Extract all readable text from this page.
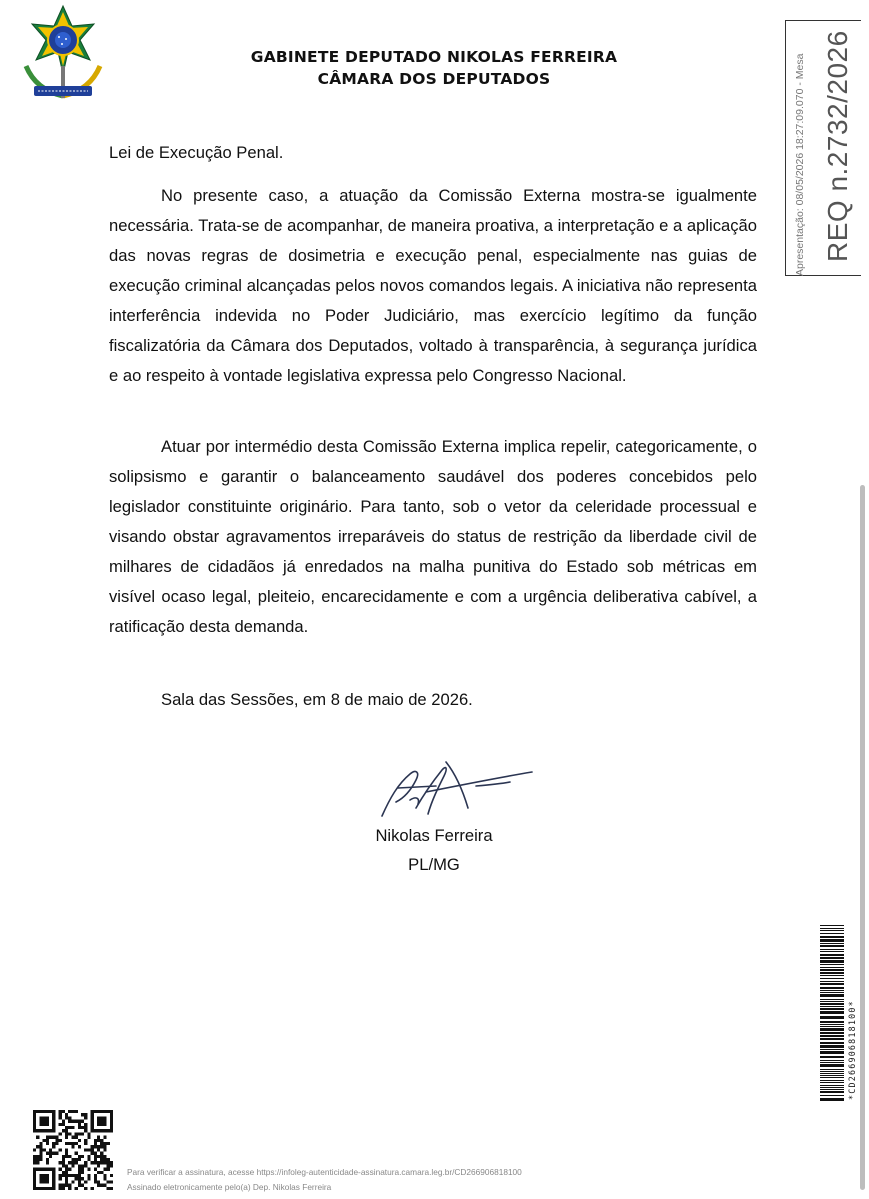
GABINETE DEPUTADO NIKOLAS FERREIRA
CÂMARA DOS DEPUTADOS	Apresentação: 08/05/2026 18:27:09.070 - Mesa REQ n.2732/2026
Lei de Execução Penal.

No presente caso, a atuação da Comissão Externa mostra-se igualmente necessária. Trata-se de acompanhar, de maneira proativa, a interpretação e a aplicação das novas regras de dosimetria e execução penal, especialmente nas guias de execução criminal alcançadas pelos novos comandos legais. A iniciativa não representa interferência indevida no Poder Judiciário, mas exercício legítimo da função fiscalizatória da Câmara dos Deputados, voltado à transparência, à segurança jurídica e ao respeito à vontade legislativa expressa pelo Congresso Nacional.

Atuar por intermédio desta Comissão Externa implica repelir, categoricamente, o solipsismo e garantir o balanceamento saudável dos poderes concebidos pelo legislador constituinte originário. Para tanto, sob o vetor da celeridade processual e visando obstar agravamentos irreparáveis do status de restrição da liberdade civil de milhares de cidadãos já enredados na malha punitiva do Estado sob métricas em visível ocaso legal, pleiteio, encarecidamente e com a urgência deliberativa cabível, a ratificação desta demanda.

Sala das Sessões, em 8 de maio de 2026.
Nikolas Ferreira
PL/MG
*CD266906818100*
Para verificar a assinatura, acesse https://infoleg-autenticidade-assinatura.camara.leg.br/CD266906818100
Assinado eletronicamente pelo(a) Dep. Nikolas Ferreira
